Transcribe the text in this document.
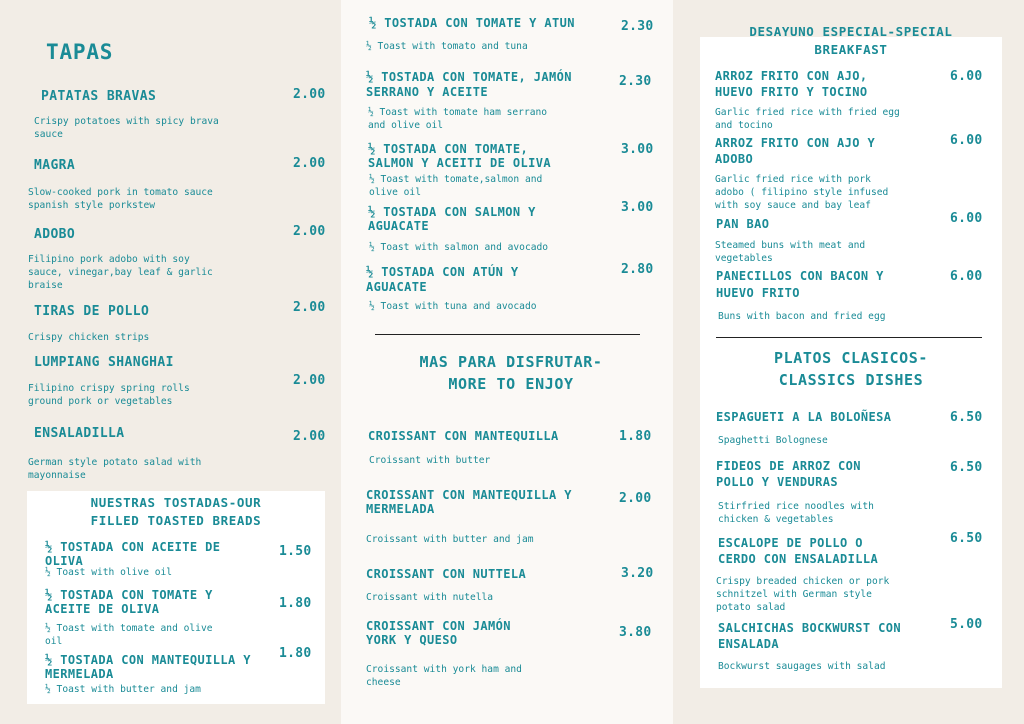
TAPAS
PATATAS BRAVAS	2.00
Crispy potatoes with spicy brava
sauce
MAGRA	2.00
Slow-cooked pork in tomato sauce
spanish style porkstew
ADOBO	2.00
Filipino pork adobo with soy
sauce, vinegar,bay leaf & garlic
braise
TIRAS DE POLLO	2.00
Crispy chicken strips
LUMPIANG SHANGHAI
2.00
Filipino crispy spring rolls
ground pork or vegetables
ENSALADILLA	2.00
German style potato salad with
mayonnaise
NUESTRAS TOSTADAS-OUR
FILLED TOASTED BREADS
½ TOSTADA CON ACEITE DE
OLIVA
1.50
½ Toast with olive oil
½ TOSTADA CON TOMATE Y
ACEITE DE OLIVA	1.80
½ Toast with tomate and olive
oil
½ TOSTADA CON MANTEQUILLA Y
MERMELADA
1.80
½ Toast with butter and jam
½ TOSTADA CON TOMATE Y ATUN	2.30
½ Toast with tomato and tuna
½ TOSTADA CON TOMATE, JAMÓN
SERRANO Y ACEITE
2.30
½ Toast with tomate ham serrano
and olive oil
½ TOSTADA CON TOMATE,
SALMON Y ACEITI DE OLIVA
3.00
½ Toast with tomate,salmon and
olive oil
½ TOSTADA CON SALMON Y
AGUACATE
3.00
½ Toast with salmon and avocado
½ TOSTADA CON ATÚN Y
AGUACATE
2.80
½ Toast with tuna and avocado
MAS PARA DISFRUTAR-
MORE TO ENJOY
CROISSANT CON MANTEQUILLA	1.80
Croissant with butter
CROISSANT CON MANTEQUILLA Y
MERMELADA
2.00
Croissant with butter and jam
CROISSANT CON NUTTELA	3.20
Croissant with nutella
CROISSANT CON JAMÓN
YORK Y QUESO	3.80
Croissant with york ham and
cheese
DESAYUNO ESPECIAL-SPECIAL
BREAKFAST
ARROZ FRITO CON AJO,
HUEVO FRITO Y TOCINO
6.00
Garlic fried rice with fried egg
and tocino
ARROZ FRITO CON AJO Y
ADOBO
6.00
Garlic fried rice with pork
adobo ( filipino style infused
with soy sauce and bay leaf
PAN BAO	6.00
Steamed buns with meat and
vegetables
PANECILLOS CON BACON Y
HUEVO FRITO
6.00
Buns with bacon and fried egg
PLATOS CLASICOS-
CLASSICS DISHES
ESPAGUETI A LA BOLOÑESA	6.50
Spaghetti Bolognese
FIDEOS DE ARROZ CON
POLLO Y VENDURAS
6.50
Stirfried rice noodles with
chicken & vegetables
ESCALOPE DE POLLO O
CERDO CON ENSALADILLA
6.50
Crispy breaded chicken or pork
schnitzel with German style
potato salad
SALCHICHAS BOCKWURST CON
ENSALADA
5.00
Bockwurst saugages with salad
